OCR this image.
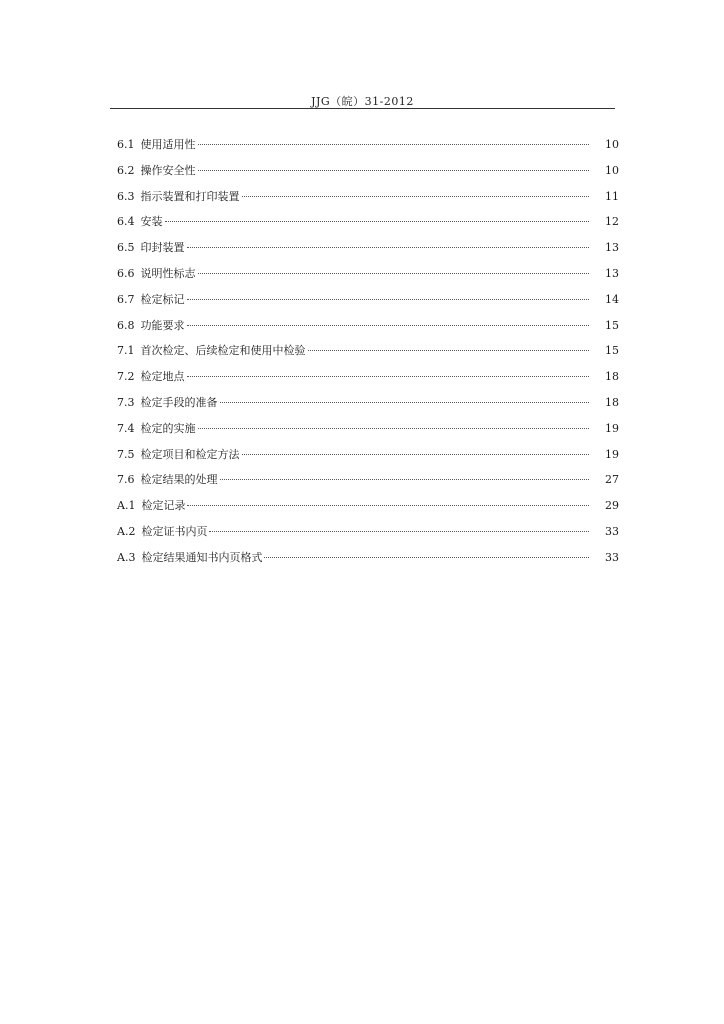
JJG（皖）31-2012
6.1 使用适用性	10
6.2 操作安全性	10
6.3 指示装置和打印装置	11
6.4 安装	12
6.5 印封装置	13
6.6 说明性标志	13
6.7 检定标记	14
6.8 功能要求	15
7.1 首次检定、后续检定和使用中检验	15
7.2 检定地点	18
7.3 检定手段的准备	18
7.4 检定的实施	19
7.5 检定项目和检定方法	19
7.6 检定结果的处理	27
A.1 检定记录	29
A.2 检定证书内页	33
A.3 检定结果通知书内页格式	33
